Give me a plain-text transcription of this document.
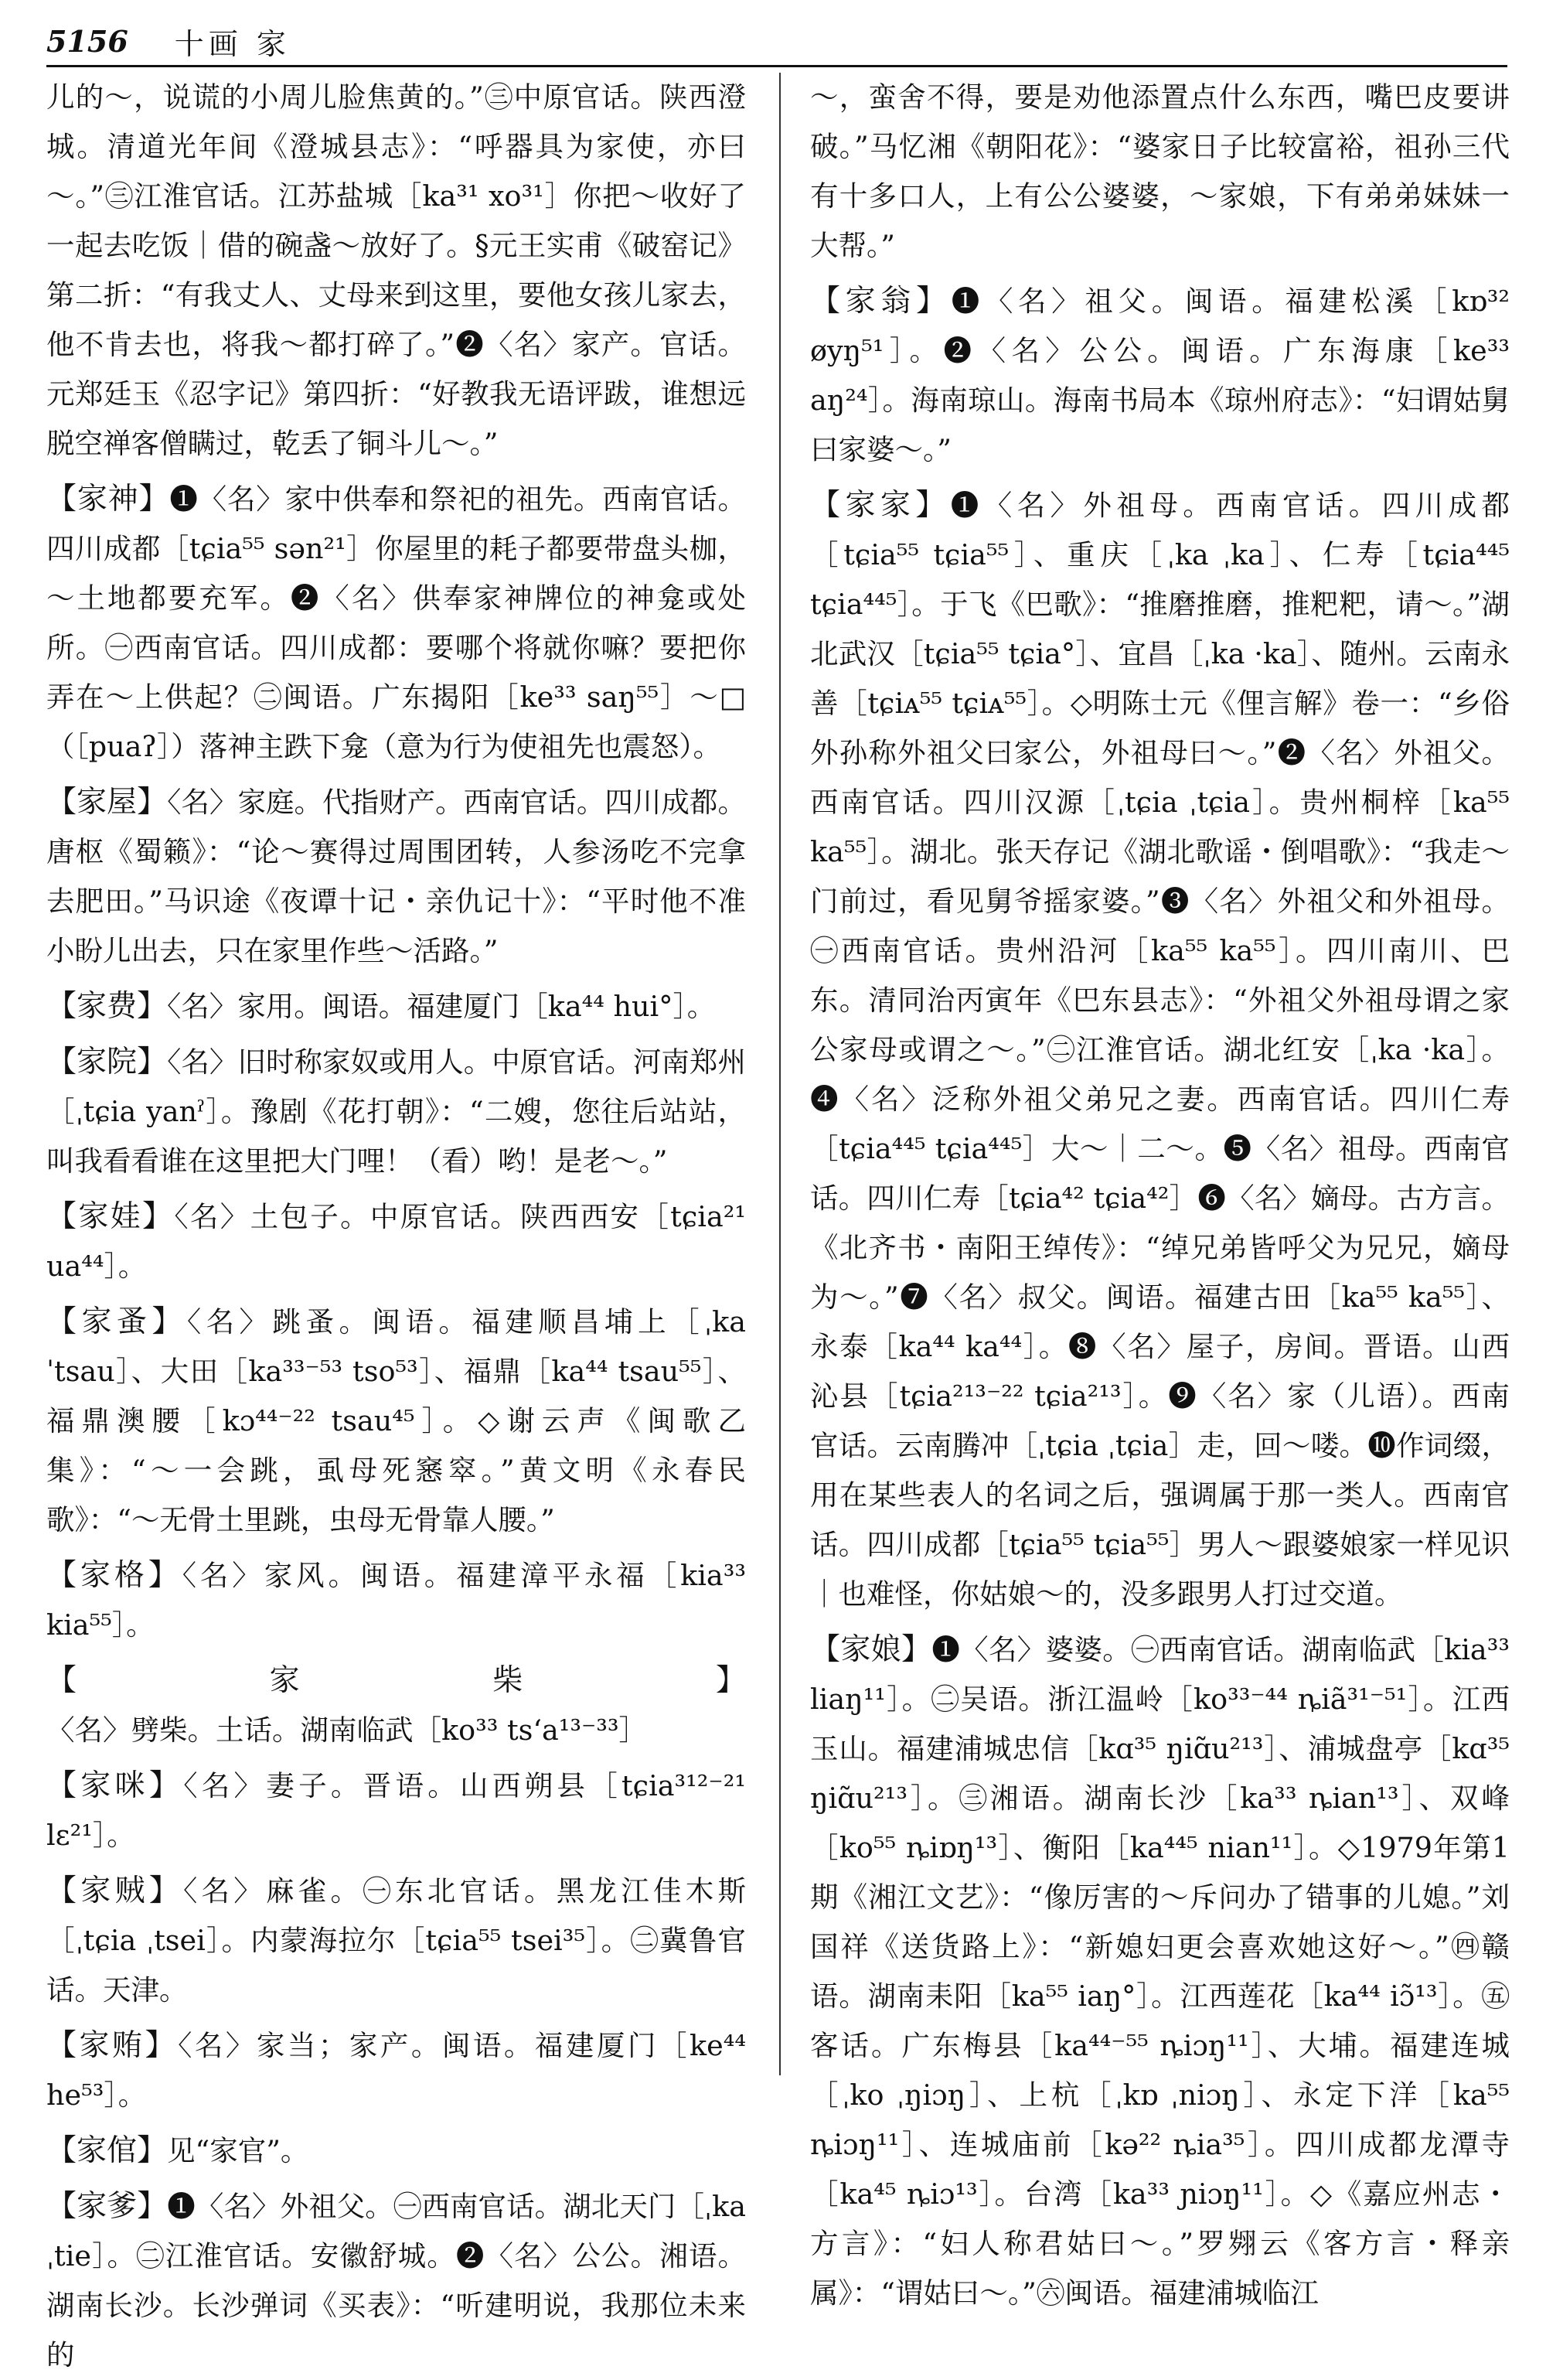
5156 十画 家

儿的～，说谎的小周儿脸焦黄的。”㊂中原官话。陕西澄城。清道光年间《澄城县志》：“呼器具为家使，亦曰～。”㊂江淮官话。江苏盐城［ka³¹ xo³¹］你把～收好了一起去吃饭｜借的碗盏～放好了。§元王实甫《破窑记》第二折：“有我丈人、丈母来到这里，要他女孩儿家去，他不肯去也，将我～都打碎了。”❷〈名〉家产。官话。元郑廷玉《忍字记》第四折：“好教我无语评跋，谁想远脱空禅客僧瞒过，乾丢了铜斗儿～。”

【家神】❶〈名〉家中供奉和祭祀的祖先。西南官话。四川成都［tɕia⁵⁵ sən²¹］你屋里的耗子都要带盘头枷，～土地都要充军。❷〈名〉供奉家神牌位的神龛或处所。㊀西南官话。四川成都：要哪个将就你嘛？要把你弄在～上供起？㊁闽语。广东揭阳［ke³³ saŋ⁵⁵］～□（［puaʔ］）落神主跌下龛（意为行为使祖先也震怒）。

【家屋】〈名〉家庭。代指财产。西南官话。四川成都。唐枢《蜀籁》：“论～赛得过周围团转，人参汤吃不完拿去肥田。”马识途《夜谭十记・亲仇记十》：“平时他不准小盼儿出去，只在家里作些～活路。”

【家费】〈名〉家用。闽语。福建厦门［ka⁴⁴ hui°］。

【家院】〈名〉旧时称家奴或用人。中原官话。河南郑州［ˌtɕia yanˀ］。豫剧《花打朝》：“二嫂，您往后站站，叫我看看谁在这里把大门哩！（看）哟！是老～。”

【家娃】〈名〉土包子。中原官话。陕西西安［tɕia²¹ ua⁴⁴］。

【家蚤】〈名〉跳蚤。闽语。福建顺昌埔上［ˌka ˈtsau］、大田［ka³³⁻⁵³ tso⁵³］、福鼎［ka⁴⁴ tsau⁵⁵］、福鼎澳腰［kɔ⁴⁴⁻²² tsau⁴⁵］。◇谢云声《闽歌乙集》：“～一会跳，虱母死窸窣。”黄文明《永春民歌》：“～无骨土里跳，虫母无骨靠人腰。”

【家格】〈名〉家风。闽语。福建漳平永福［kia³³ kia⁵⁵］。

【家柴】〈名〉劈柴。土话。湖南临武［ko³³ tsʻa¹³⁻³³］

【家咪】〈名〉妻子。晋语。山西朔县［tɕia³¹²⁻²¹ lɛ²¹］。

【家贼】〈名〉麻雀。㊀东北官话。黑龙江佳木斯［ˌtɕia ˌtsei］。内蒙海拉尔［tɕia⁵⁵ tsei³⁵］。㊁冀鲁官话。天津。

【家贿】〈名〉家当；家产。闽语。福建厦门［ke⁴⁴ he⁵³］。

【家倌】见“家官”。

【家爹】❶〈名〉外祖父。㊀西南官话。湖北天门［ˌka ˌtie］。㊁江淮官话。安徽舒城。❷〈名〉公公。湘语。湖南长沙。长沙弹词《买表》：“听建明说，我那位未来的

～，蛮舍不得，要是劝他添置点什么东西，嘴巴皮要讲破。”马忆湘《朝阳花》：“婆家日子比较富裕，祖孙三代有十多口人，上有公公婆婆，～家娘，下有弟弟妹妹一大帮。”

【家翁】❶〈名〉祖父。闽语。福建松溪［kɒ³² øyŋ⁵¹］。❷〈名〉公公。闽语。广东海康［ke³³ aŋ²⁴］。海南琼山。海南书局本《琼州府志》：“妇谓姑舅曰家婆～。”

【家家】❶〈名〉外祖母。西南官话。四川成都［tɕia⁵⁵ tɕia⁵⁵］、重庆［ˌka ˌka］、仁寿［tɕia⁴⁴⁵ tɕia⁴⁴⁵］。于飞《巴歌》：“推磨推磨，推粑粑，请～。”湖北武汉［tɕia⁵⁵ tɕia°］、宜昌［ˌka ·ka］、随州。云南永善［tɕiᴀ⁵⁵ tɕiᴀ⁵⁵］。◇明陈士元《俚言解》卷一：“乡俗外孙称外祖父曰家公，外祖母曰～。”❷〈名〉外祖父。西南官话。四川汉源［ˌtɕia ˌtɕia］。贵州桐梓［ka⁵⁵ ka⁵⁵］。湖北。张天存记《湖北歌谣・倒唱歌》：“我走～门前过，看见舅爷摇家婆。”❸〈名〉外祖父和外祖母。㊀西南官话。贵州沿河［ka⁵⁵ ka⁵⁵］。四川南川、巴东。清同治丙寅年《巴东县志》：“外祖父外祖母谓之家公家母或谓之～。”㊁江淮官话。湖北红安［ˌka ·ka］。❹〈名〉泛称外祖父弟兄之妻。西南官话。四川仁寿［tɕia⁴⁴⁵ tɕia⁴⁴⁵］大～｜二～。❺〈名〉祖母。西南官话。四川仁寿［tɕia⁴² tɕia⁴²］❻〈名〉嫡母。古方言。《北齐书・南阳王绰传》：“绰兄弟皆呼父为兄兄，嫡母为～。”❼〈名〉叔父。闽语。福建古田［ka⁵⁵ ka⁵⁵］、永泰［ka⁴⁴ ka⁴⁴］。❽〈名〉屋子，房间。晋语。山西沁县［tɕia²¹³⁻²² tɕia²¹³］。❾〈名〉家（儿语）。西南官话。云南腾冲［ˌtɕia ˌtɕia］走，回～喽。❿作词缀，用在某些表人的名词之后，强调属于那一类人。西南官话。四川成都［tɕia⁵⁵ tɕia⁵⁵］男人～跟婆娘家一样见识｜也难怪，你姑娘～的，没多跟男人打过交道。

【家娘】❶〈名〉婆婆。㊀西南官话。湖南临武［kia³³ liaŋ¹¹］。㊁吴语。浙江温岭［ko³³⁻⁴⁴ ȵiã³¹⁻⁵¹］。江西玉山。福建浦城忠信［kɑ³⁵ ŋiɑ̃u²¹³］、浦城盘亭［kɑ³⁵ ŋiɑ̃u²¹³］。㊂湘语。湖南长沙［ka³³ ȵian¹³］、双峰［ko⁵⁵ ȵiɒŋ¹³］、衡阳［ka⁴⁴⁵ nian¹¹］。◇1979年第1期《湘江文艺》：“像厉害的～斥问办了错事的儿媳。”刘国祥《送货路上》：“新媳妇更会喜欢她这好～。”㊃赣语。湖南耒阳［ka⁵⁵ iaŋ°］。江西莲花［ka⁴⁴ iɔ̃¹³］。㊄客话。广东梅县［ka⁴⁴⁻⁵⁵ ȵiɔŋ¹¹］、大埔。福建连城［ˌko ˌŋiɔŋ］、上杭［ˌkɒ ˌniɔŋ］、永定下洋［ka⁵⁵ ȵiɔŋ¹¹］、连城庙前［kə²² ȵia³⁵］。四川成都龙潭寺［ka⁴⁵ ȵiɔ¹³］。台湾［ka³³ ɲiɔŋ¹¹］。◇《嘉应州志・方言》：“妇人称君姑曰～。”罗翙云《客方言・释亲属》：“谓姑曰～。”㊅闽语。福建浦城临江
